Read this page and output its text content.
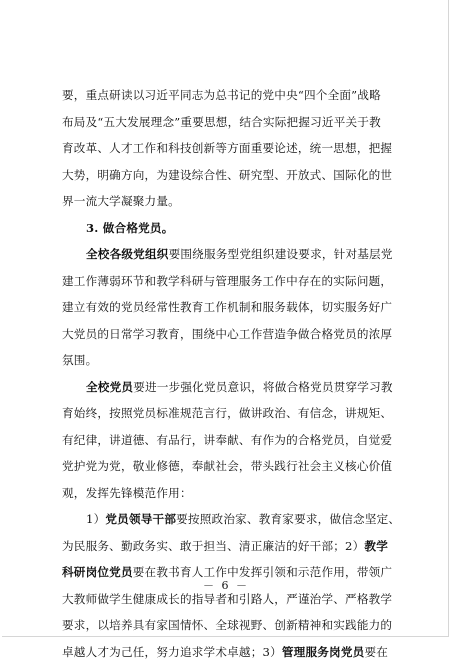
要，重点研读以习近平同志为总书记的党中央“四个全面”战略
布局及“五大发展理念”重要思想，结合实际把握习近平关于教
育改革、人才工作和科技创新等方面重要论述，统一思想，把握
大势，明确方向，为建设综合性、研究型、开放式、国际化的世
界一流大学凝聚力量。
3. 做合格党员。
全校各级党组织要围绕服务型党组织建设要求，针对基层党
建工作薄弱环节和教学科研与管理服务工作中存在的实际问题，
建立有效的党员经常性教育工作机制和服务载体，切实服务好广
大党员的日常学习教育，围绕中心工作营造争做合格党员的浓厚
氛围。
全校党员要进一步强化党员意识，将做合格党员贯穿学习教
育始终，按照党员标准规范言行，做讲政治、有信念，讲规矩、
有纪律，讲道德、有品行，讲奉献、有作为的合格党员，自觉爱
党护党为党，敬业修德，奉献社会，带头践行社会主义核心价值
观，发挥先锋模范作用：
1）党员领导干部要按照政治家、教育家要求，做信念坚定、
为民服务、勤政务实、敢于担当、清正廉洁的好干部；2）教学
科研岗位党员要在教书育人工作中发挥引领和示范作用，带领广
大教师做学生健康成长的指导者和引路人，严谨治学、严格教学
要求，以培养具有家国情怀、全球视野、创新精神和实践能力的
卓越人才为己任，努力追求学术卓越；3）管理服务岗党员要在
－ 6 －
